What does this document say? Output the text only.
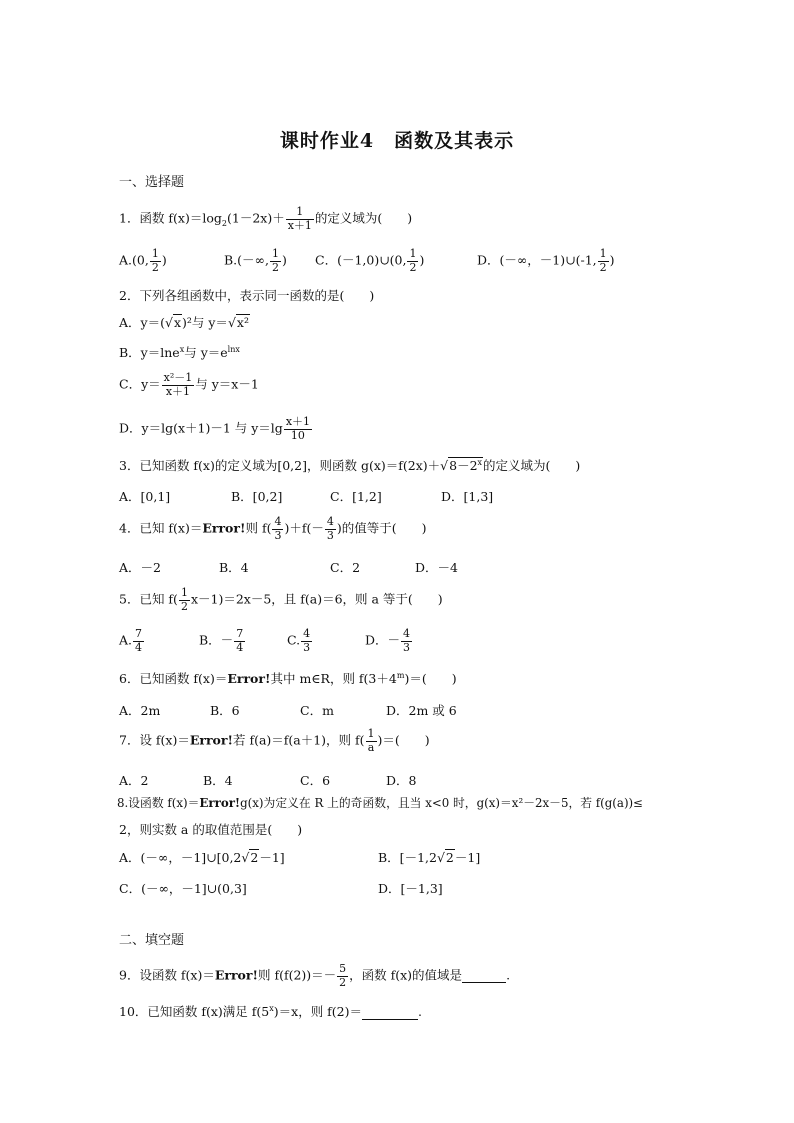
课时作业4　函数及其表示
一、选择题
1．函数 $f(x)=\log_2(1-2x)+ \frac{1}{x+1}$ 的定义域为(　　)
A.(0, $\frac{1}{2}$ )	B.(－∞, $\frac{1}{2}$ ) C．(－1,0)∪(0, $\frac{1}{2}$ )	D．(－∞，－1)∪(-1, $\frac{1}{2}$ )
2．下列各组函数中，表示同一函数的是(　　)
A．y＝(√x)²与 y＝√x²
B．y＝lne$^x$与 $y=e^{lnx}$
C．$y= \frac{\text{x²－1}}{x+1}$ 与 y＝x－1
D．y＝lg(x＋1)－1 与 $y=\lg \frac{x+1}{10}$
3．已知函数 f(x)的定义域为[0,2]，则函数 $g(x)=f(2x)+√8-2^x$的定义域为(　　)
A．[0,1]	B．[0,2]	C．[1,2]	D．[1,3]
4．已知 f(x)＝Error!则 $f( \frac{4}{3} )+f(- \frac{4}{3}$ )的值等于(　　)
A．－2	B．4	C．2	D．－4
5．已知 $f( \frac{1}{2} x-1)=2x-5$，且 f(a)＝6，则 a 等于(　　)
A. $\frac{7}{4}$	B．－ $\frac{7}{4}$	C. $\frac{4}{3}$	D．－ $\frac{4}{3}$
6．已知函数 f(x)＝Error!其中 m∈R，则 $f(3+4^m)=$(　　)
A．2m	B．6	C．m	D．2m 或 6
7．设 f(x)＝Error!若 f(a)＝f(a＋1)，则 $f( \frac{1}{a}$ )＝(　　)
A．2	B．4	C．6	D．8
8.设函数 f(x)＝Error!g(x)为定义在 R 上的奇函数，且当 x<0 时，g(x)＝x²－2x－5，若 f(g(a))≤
2，则实数 a 的取值范围是(　　)
A．(－∞，－1]∪[0,2√2－1]	B．[－1,2√2－1]
C．(－∞，－1]∪(0,3]	D．[－1,3]
二、填空题
9．设函数 f(x)＝Error!则 $f(f(2))=- \frac{5}{2}$ ，函数 f(x)的值域是	.
10．已知函数 f(x)满足 $f(5^x)=x$，则 f(2)＝	.
